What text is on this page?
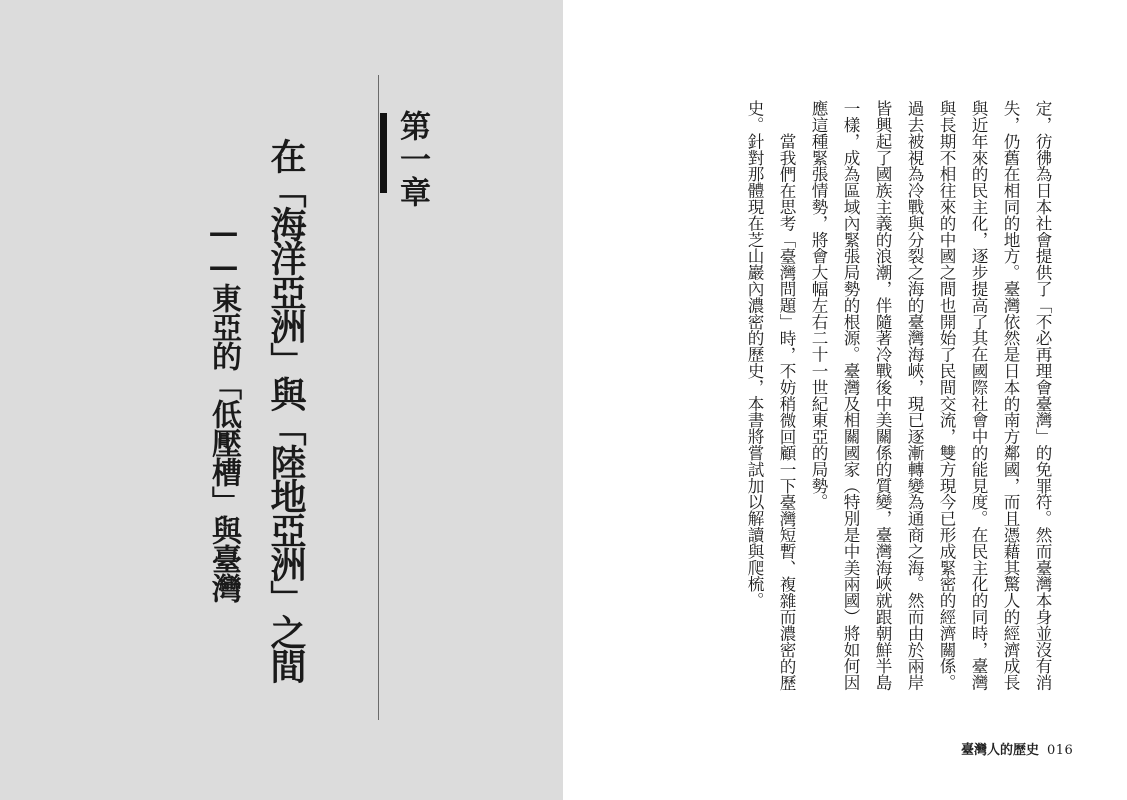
第一章
在「海洋亞洲」與「陸地亞洲」之間
——東亞的「低壓槽」與臺灣	定，彷彿為日本社會提供了「不必再理會臺灣」的免罪符。然而臺灣本身並沒有消失，仍舊在相同的地方。臺灣依然是日本的南方鄰國，而且憑藉其驚人的經濟成長與近年來的民主化，逐步提高了其在國際社會中的能見度。在民主化的同時，臺灣與長期不相往來的中國之間也開始了民間交流，雙方現今已形成緊密的經濟關係。過去被視為冷戰與分裂之海的臺灣海峽，現已逐漸轉變為通商之海。然而由於兩岸皆興起了國族主義的浪潮，伴隨著冷戰後中美關係的質變，臺灣海峽就跟朝鮮半島一樣，成為區域內緊張局勢的根源。臺灣及相關國家（特別是中美兩國）將如何因應這種緊張情勢，將會大幅左右二十一世紀東亞的局勢。

當我們在思考「臺灣問題」時，不妨稍微回顧一下臺灣短暫、複雜而濃密的歷史。針對那體現在芝山巖內濃密的歷史，本書將嘗試加以解讀與爬梳。

臺灣人的歷史 016
